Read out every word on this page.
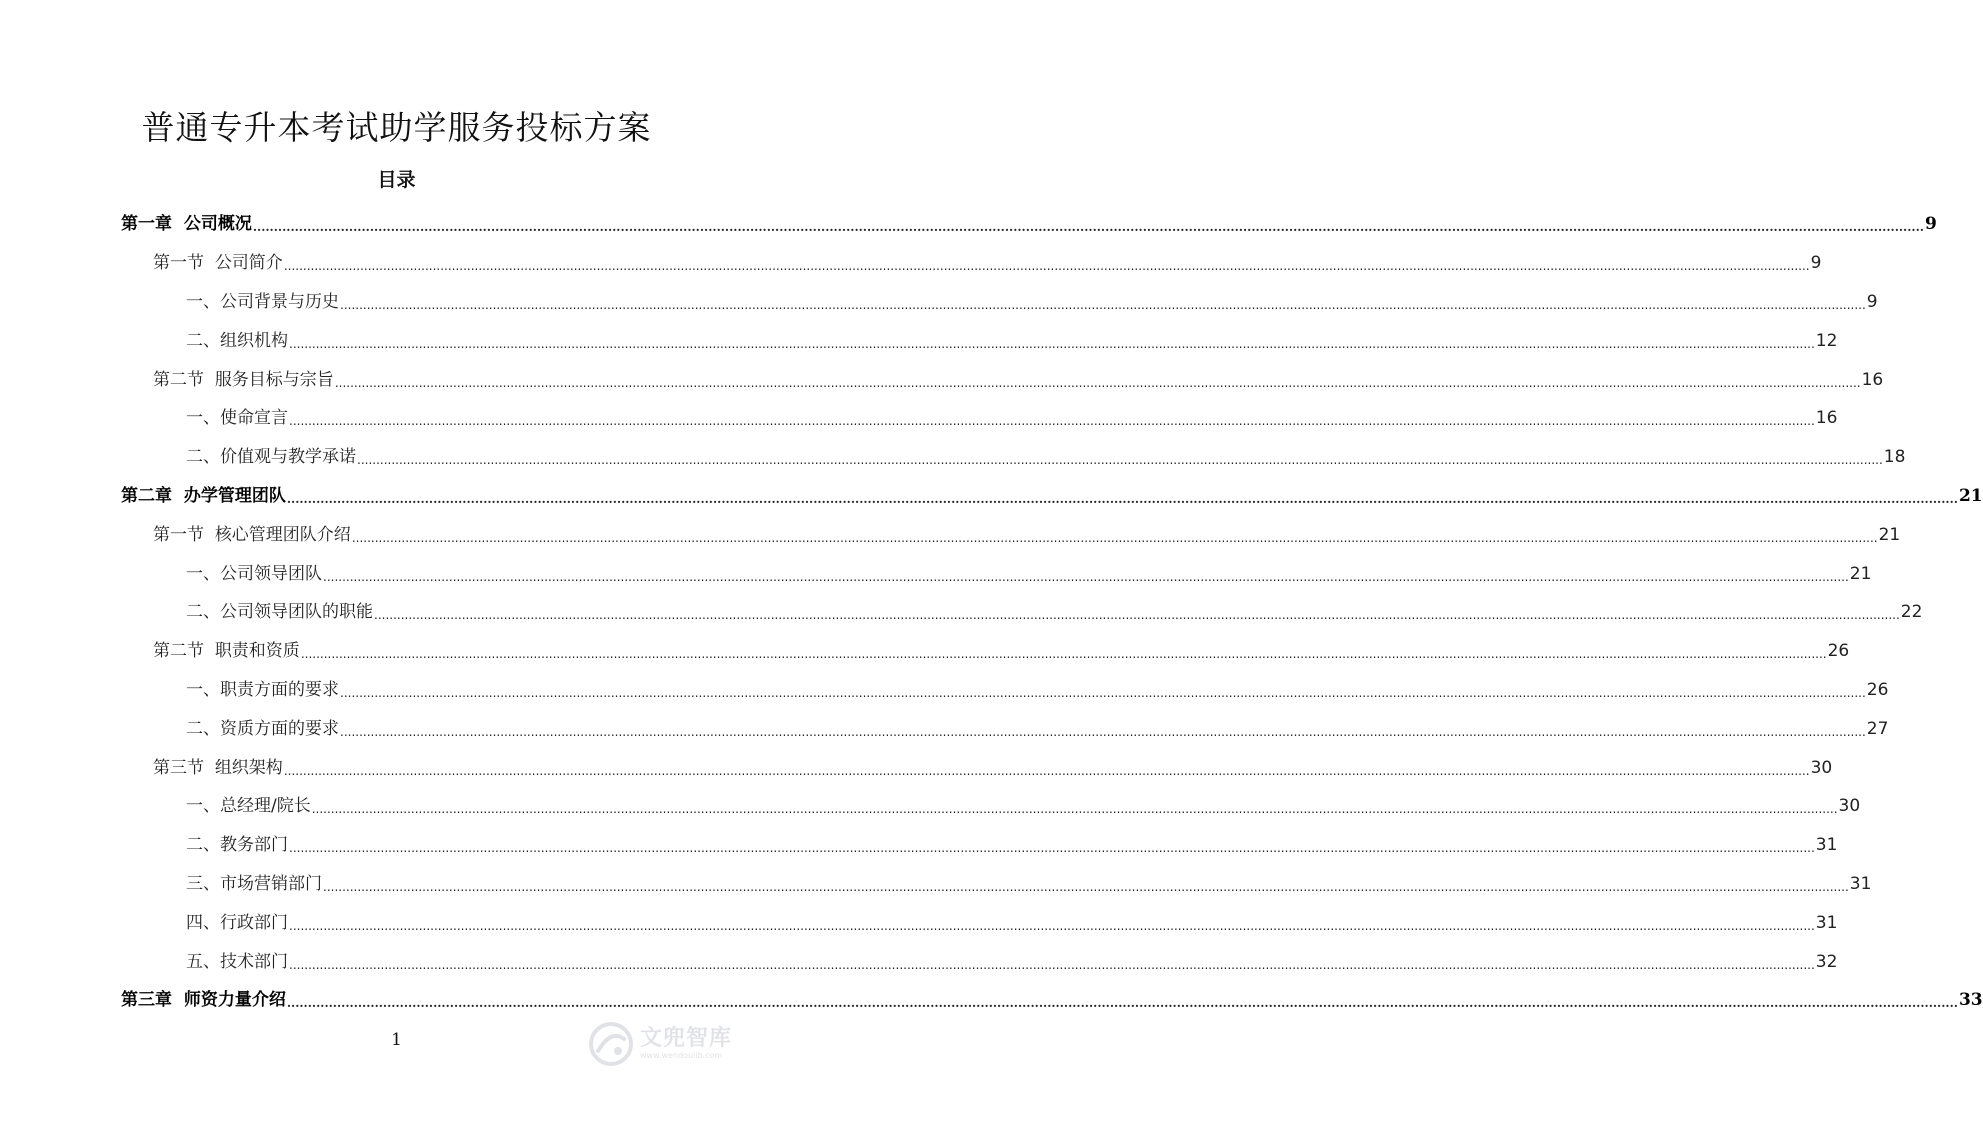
普通专升本考试助学服务投标方案
目录
第一章 公司概况 ................................................................................................................................................................................................................................................................................................................................................................................................................ 9
第一节 公司简介 ................................................................................................................................................................................................................................................................................................................................................................................................................ 9
一、 公司背景与历史 ................................................................................................................................................................................................................................................................................................................................................................................................................ 9
二、 组织机构 ................................................................................................................................................................................................................................................................................................................................................................................................................ 12
第二节 服务目标与宗旨 ................................................................................................................................................................................................................................................................................................................................................................................................................ 16
一、 使命宣言 ................................................................................................................................................................................................................................................................................................................................................................................................................ 16
二、 价值观与教学承诺 ................................................................................................................................................................................................................................................................................................................................................................................................................ 18
第二章 办学管理团队 ................................................................................................................................................................................................................................................................................................................................................................................................................ 21
第一节 核心管理团队介绍 ................................................................................................................................................................................................................................................................................................................................................................................................................ 21
一、 公司领导团队 ................................................................................................................................................................................................................................................................................................................................................................................................................ 21
二、 公司领导团队的职能 ................................................................................................................................................................................................................................................................................................................................................................................................................ 22
第二节 职责和资质 ................................................................................................................................................................................................................................................................................................................................................................................................................ 26
一、 职责方面的要求 ................................................................................................................................................................................................................................................................................................................................................................................................................ 26
二、 资质方面的要求 ................................................................................................................................................................................................................................................................................................................................................................................................................ 27
第三节 组织架构 ................................................................................................................................................................................................................................................................................................................................................................................................................ 30
一、 总经理/院长 ................................................................................................................................................................................................................................................................................................................................................................................................................ 30
二、 教务部门 ................................................................................................................................................................................................................................................................................................................................................................................................................ 31
三、 市场营销部门 ................................................................................................................................................................................................................................................................................................................................................................................................................ 31
四、 行政部门 ................................................................................................................................................................................................................................................................................................................................................................................................................ 31
五、 技术部门 ................................................................................................................................................................................................................................................................................................................................................................................................................ 32
第三章 师资力量介绍 ................................................................................................................................................................................................................................................................................................................................................................................................................ 33
1	文兜智库
www.wendoulib.com
